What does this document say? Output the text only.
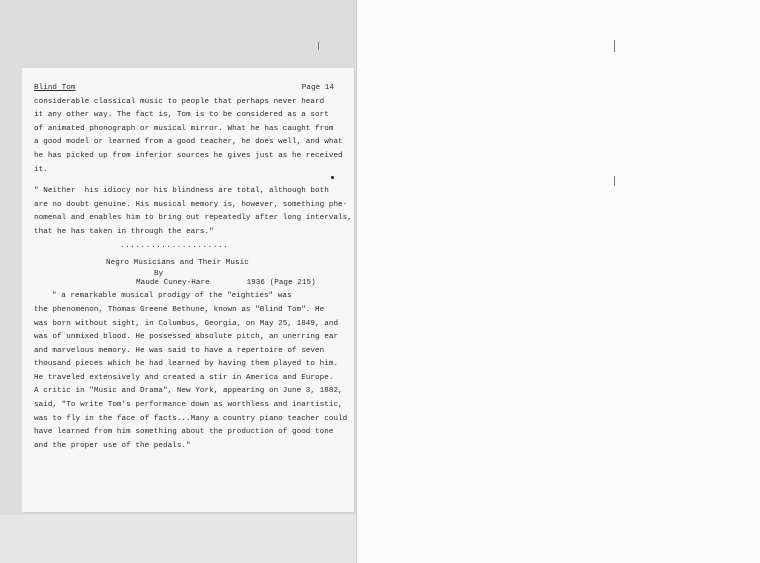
Blind Tom	Page 14
considerable classical music to people that perhaps never heard
it any other way. The fact is, Tom is to be considered as a sort
of animated phonograph or musical mirror. What he has caught from
a good model or learned from a good teacher, he does well, and what
he has picked up from inferior sources he gives just as he received
it.
" Neither  his idiocy nor his blindness are total, although both
are no doubt genuine. His musical memory is, however, something phe-
nomenal and enables him to bring out repeatedly after long intervals,
that he has taken in through the ears."
.....................
Negro Musicians and Their Music
By
Maude Cuney-Hare	1936 (Page 215)
" a remarkable musical prodigy of the "eighties" was
the phenomenon, Thomas Greene Bethune, known as "Blind Tom". He
was born without sight, in Columbus, Georgia, on May 25, 1849, and
was of unmixed blood. He possessed absolute pitch, an unerring ear
and marvelous memory. He was said to have a repertoire of seven
thousand pieces which he had learned by having them played to him.
He traveled extensively and created a stir in America and Europe.
A critic in "Music and Drama", New York, appearing on June 3, 1882,
said, "To write Tom's performance down as worthless and inartistic,
was to fly in the face of facts...Many a country piano teacher could
have learned from him something about the production of good tone
and the proper use of the pedals."
